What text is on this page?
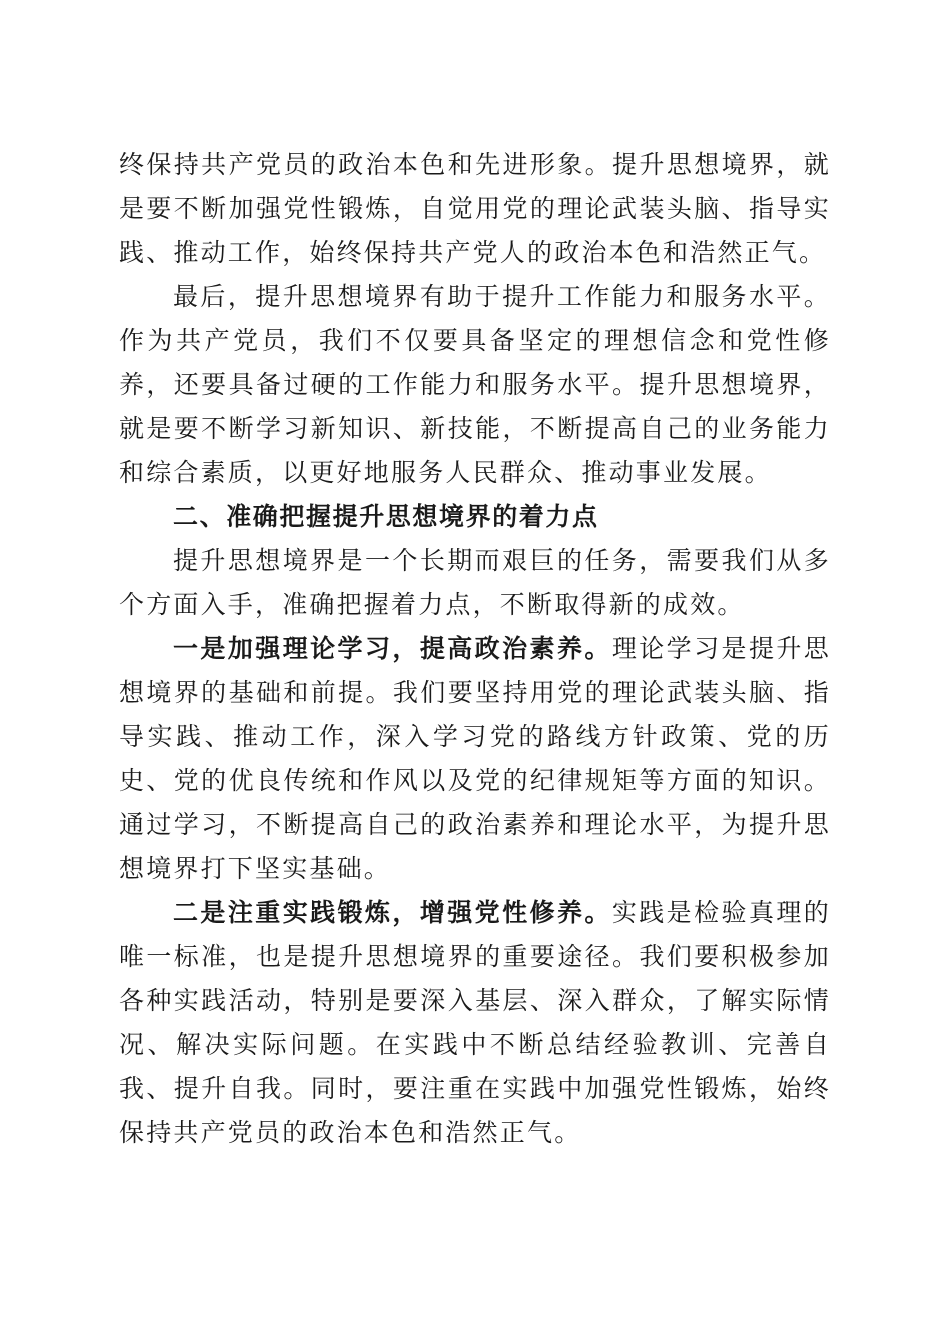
终保持共产党员的政治本色和先进形象。提升思想境界，就是要不断加强党性锻炼，自觉用党的理论武装头脑、指导实践、推动工作，始终保持共产党人的政治本色和浩然正气。

最后，提升思想境界有助于提升工作能力和服务水平。作为共产党员，我们不仅要具备坚定的理想信念和党性修养，还要具备过硬的工作能力和服务水平。提升思想境界，就是要不断学习新知识、新技能，不断提高自己的业务能力和综合素质，以更好地服务人民群众、推动事业发展。

二、准确把握提升思想境界的着力点

提升思想境界是一个长期而艰巨的任务，需要我们从多个方面入手，准确把握着力点，不断取得新的成效。

一是加强理论学习，提高政治素养。理论学习是提升思想境界的基础和前提。我们要坚持用党的理论武装头脑、指导实践、推动工作，深入学习党的路线方针政策、党的历史、党的优良传统和作风以及党的纪律规矩等方面的知识。通过学习，不断提高自己的政治素养和理论水平，为提升思想境界打下坚实基础。

二是注重实践锻炼，增强党性修养。实践是检验真理的唯一标准，也是提升思想境界的重要途径。我们要积极参加各种实践活动，特别是要深入基层、深入群众，了解实际情况、解决实际问题。在实践中不断总结经验教训、完善自我、提升自我。同时，要注重在实践中加强党性锻炼，始终保持共产党员的政治本色和浩然正气。
